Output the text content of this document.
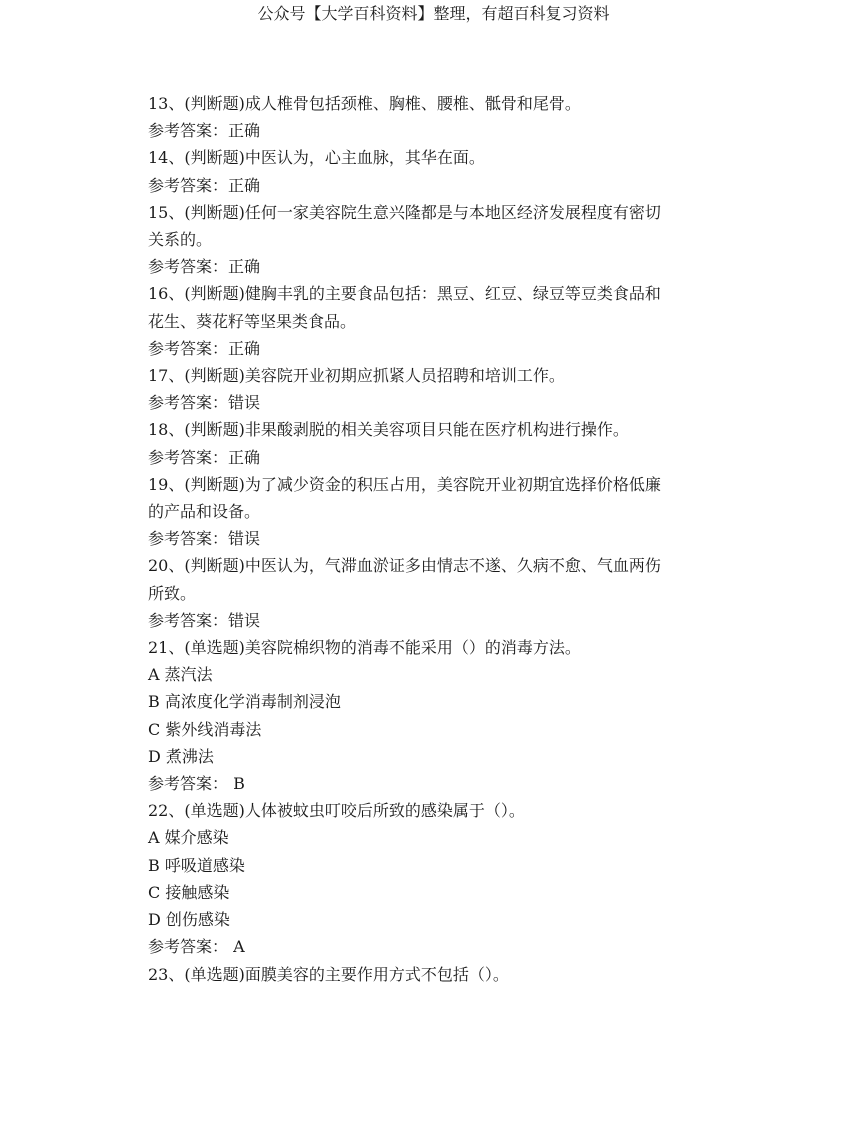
公众号【大学百科资料】整理，有超百科复习资料
13、(判断题)成人椎骨包括颈椎、胸椎、腰椎、骶骨和尾骨。
参考答案：正确
14、(判断题)中医认为，心主血脉，其华在面。
参考答案：正确
15、(判断题)任何一家美容院生意兴隆都是与本地区经济发展程度有密切
关系的。
参考答案：正确
16、(判断题)健胸丰乳的主要食品包括：黑豆、红豆、绿豆等豆类食品和
花生、葵花籽等坚果类食品。
参考答案：正确
17、(判断题)美容院开业初期应抓紧人员招聘和培训工作。
参考答案：错误
18、(判断题)非果酸剥脱的相关美容项目只能在医疗机构进行操作。
参考答案：正确
19、(判断题)为了减少资金的积压占用，美容院开业初期宜选择价格低廉
的产品和设备。
参考答案：错误
20、(判断题)中医认为，气滞血淤证多由情志不遂、久病不愈、气血两伤
所致。
参考答案：错误
21、(单选题)美容院棉织物的消毒不能采用（）的消毒方法。
A 蒸汽法
B 高浓度化学消毒制剂浸泡
C 紫外线消毒法
D 煮沸法
参考答案： B
22、(单选题)人体被蚊虫叮咬后所致的感染属于（）。
A 媒介感染
B 呼吸道感染
C 接触感染
D 创伤感染
参考答案： A
23、(单选题)面膜美容的主要作用方式不包括（）。
